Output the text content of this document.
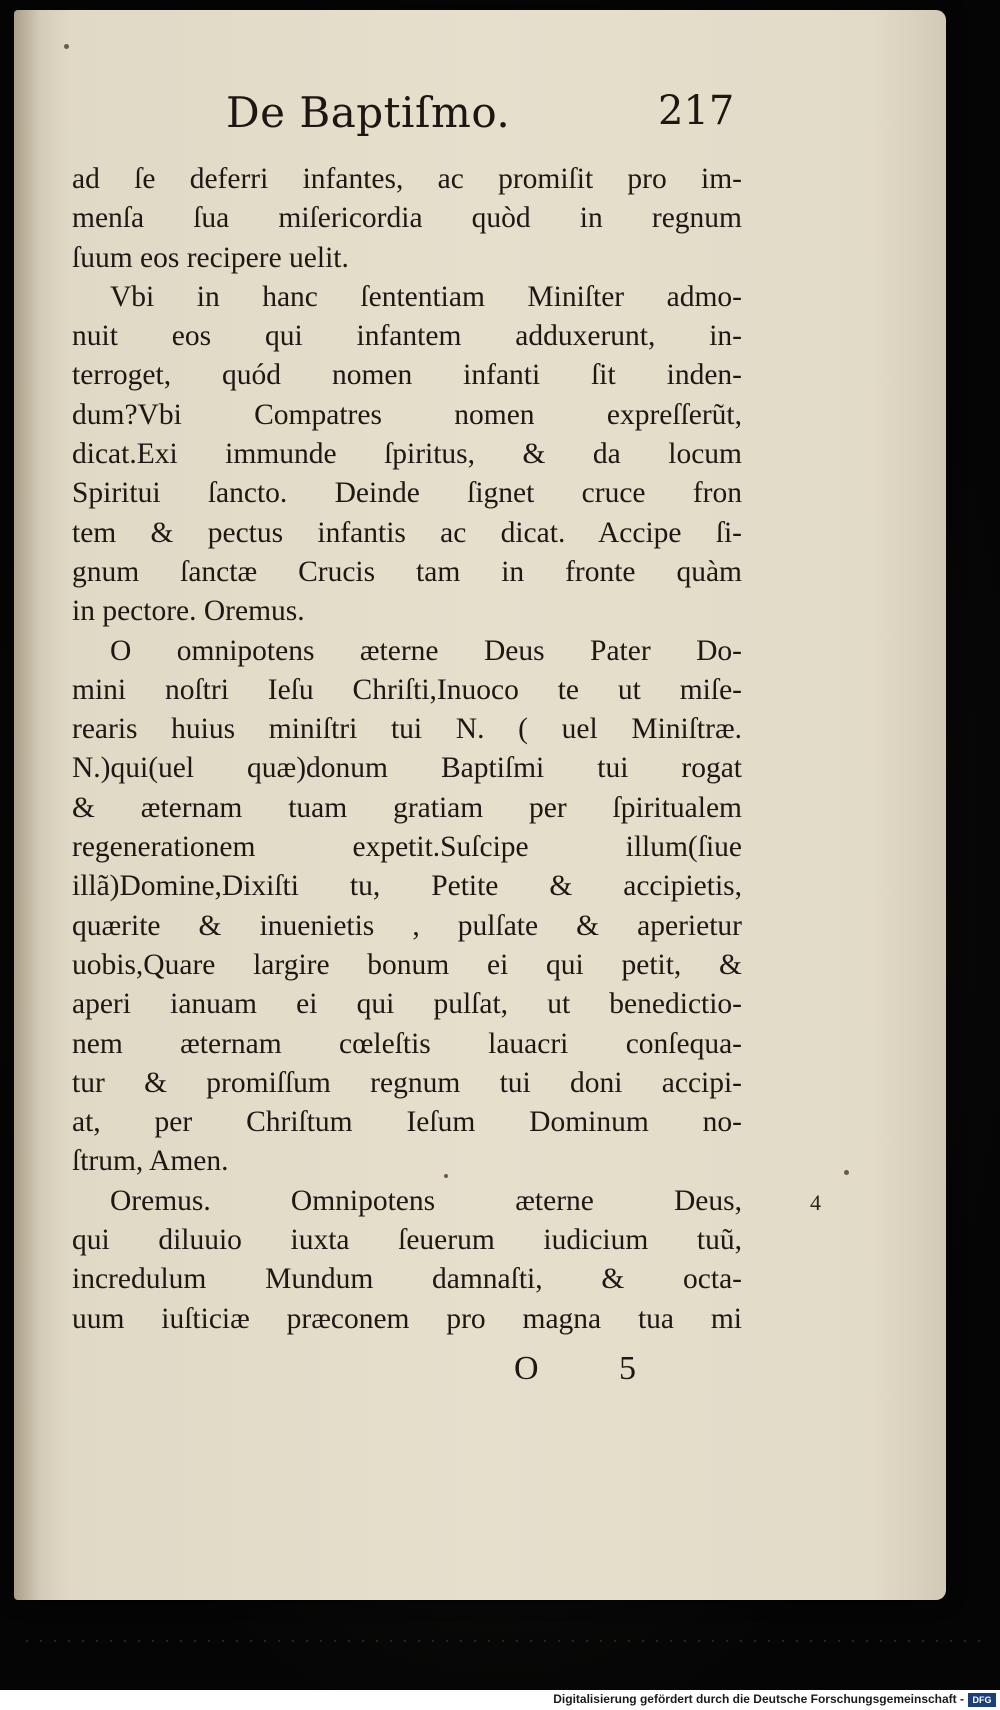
De Baptiſmo.	217
ad ſe deferri infantes, ac promiſit pro im-
menſa ſua miſericordia quòd in regnum
ſuum eos recipere uelit.
Vbi in hanc ſententiam Miniſter admo-
nuit eos qui infantem adduxerunt, in-
terroget, quód nomen infanti ſit inden-
dum?Vbi Compatres nomen expreſſerũt,
dicat.Exi immunde ſpiritus, & da locum
Spiritui ſancto. Deinde ſignet cruce fron
tem & pectus infantis ac dicat. Accipe ſi-
gnum ſanctæ Crucis tam in fronte quàm
in pectore. Oremus.
O omnipotens æterne Deus Pater Do-
mini noſtri Ieſu Chriſti,Inuoco te ut miſe-
rearis huius miniſtri tui N. ( uel Miniſtræ.
N.)qui(uel quæ)donum Baptiſmi tui rogat
& æternam tuam gratiam per ſpiritualem
regenerationem expetit.Suſcipe illum(ſiue
illã)Domine,Dixiſti tu, Petite & accipietis,
quærite & inuenietis , pulſate & aperietur
uobis,Quare largire bonum ei qui petit, &
aperi ianuam ei qui pulſat, ut benedictio-
nem æternam cœleſtis lauacri conſequa-
tur & promiſſum regnum tui doni accipi-
at, per Chriſtum Ieſum Dominum no-
ſtrum, Amen.
Oremus. Omnipotens æterne Deus,
qui diluuio iuxta ſeuerum iudicium tuũ,
incredulum Mundum damnaſti, & octa-
uum iuſticiæ præconem pro magna tua mi
4
O 5
Digitalisierung gefördert durch die Deutsche Forschungsgemeinschaft - DFG
